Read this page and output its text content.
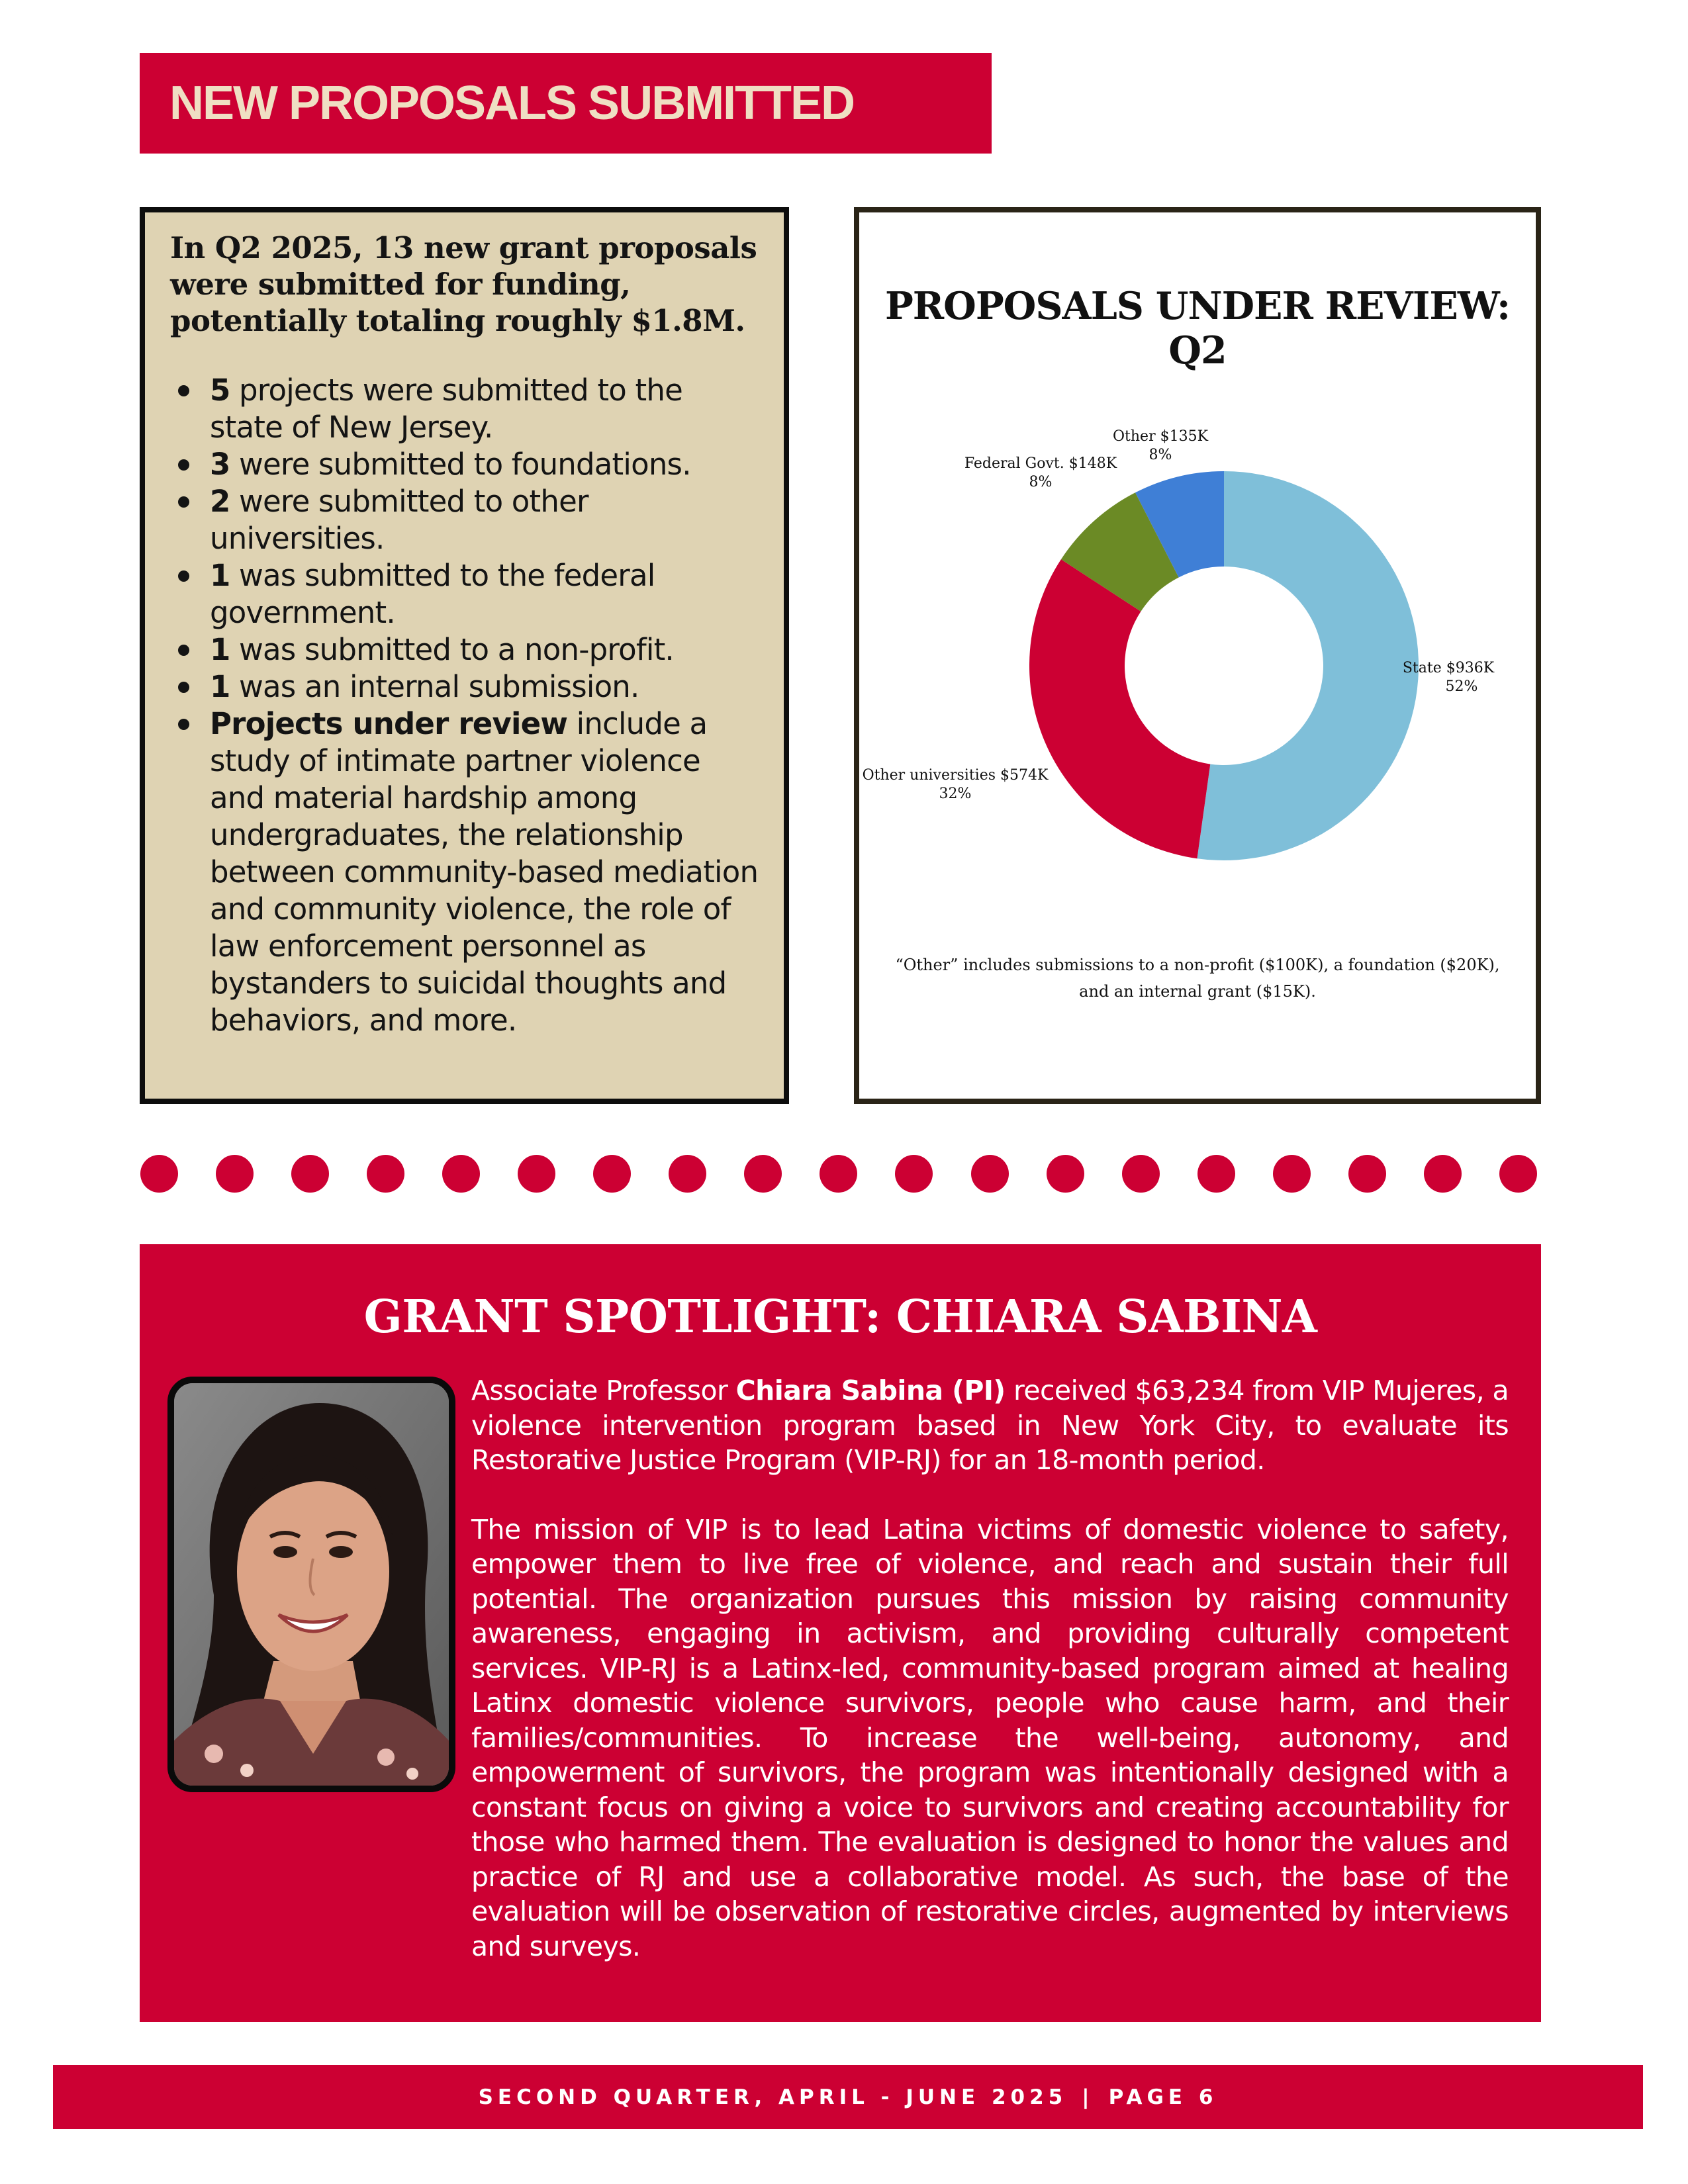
NEW PROPOSALS SUBMITTED

In Q2 2025, 13 new grant proposals were submitted for funding, potentially totaling roughly $1.8M.

5 projects were submitted to the state of New Jersey.
3 were submitted to foundations.
2 were submitted to other universities.
1 was submitted to the federal government.
1 was submitted to a non-profit.
1 was an internal submission.
Projects under review include a study of intimate partner violence and material hardship among undergraduates, the relationship between community-based mediation and community violence, the role of law enforcement personnel as bystanders to suicidal thoughts and behaviors, and more.
PROPOSALS UNDER REVIEW: Q2
State $936K
52%
Other universities $574K
32%
Federal Govt. $148K
8%
Other $135K
8%
“Other” includes submissions to a non-profit ($100K), a foundation ($20K),
and an internal grant ($15K).
GRANT SPOTLIGHT: CHIARA SABINA

Associate Professor Chiara Sabina (PI) received $63,234 from VIP Mujeres, a violence intervention program based in New York City, to evaluate its Restorative Justice Program (VIP-RJ) for an 18-month period.

The mission of VIP is to lead Latina victims of domestic violence to safety, empower them to live free of violence, and reach and sustain their full potential. The organization pursues this mission by raising community awareness, engaging in activism, and providing culturally competent services. VIP-RJ is a Latinx-led, community-based program aimed at healing Latinx domestic violence survivors, people who cause harm, and their families/communities. To increase the well-being, autonomy, and empowerment of survivors, the program was intentionally designed with a constant focus on giving a voice to survivors and creating accountability for those who harmed them. The evaluation is designed to honor the values and practice of RJ and use a collaborative model. As such, the base of the evaluation will be observation of restorative circles, augmented by interviews and surveys.

SECOND QUARTER, APRIL - JUNE 2025 | PAGE 6
